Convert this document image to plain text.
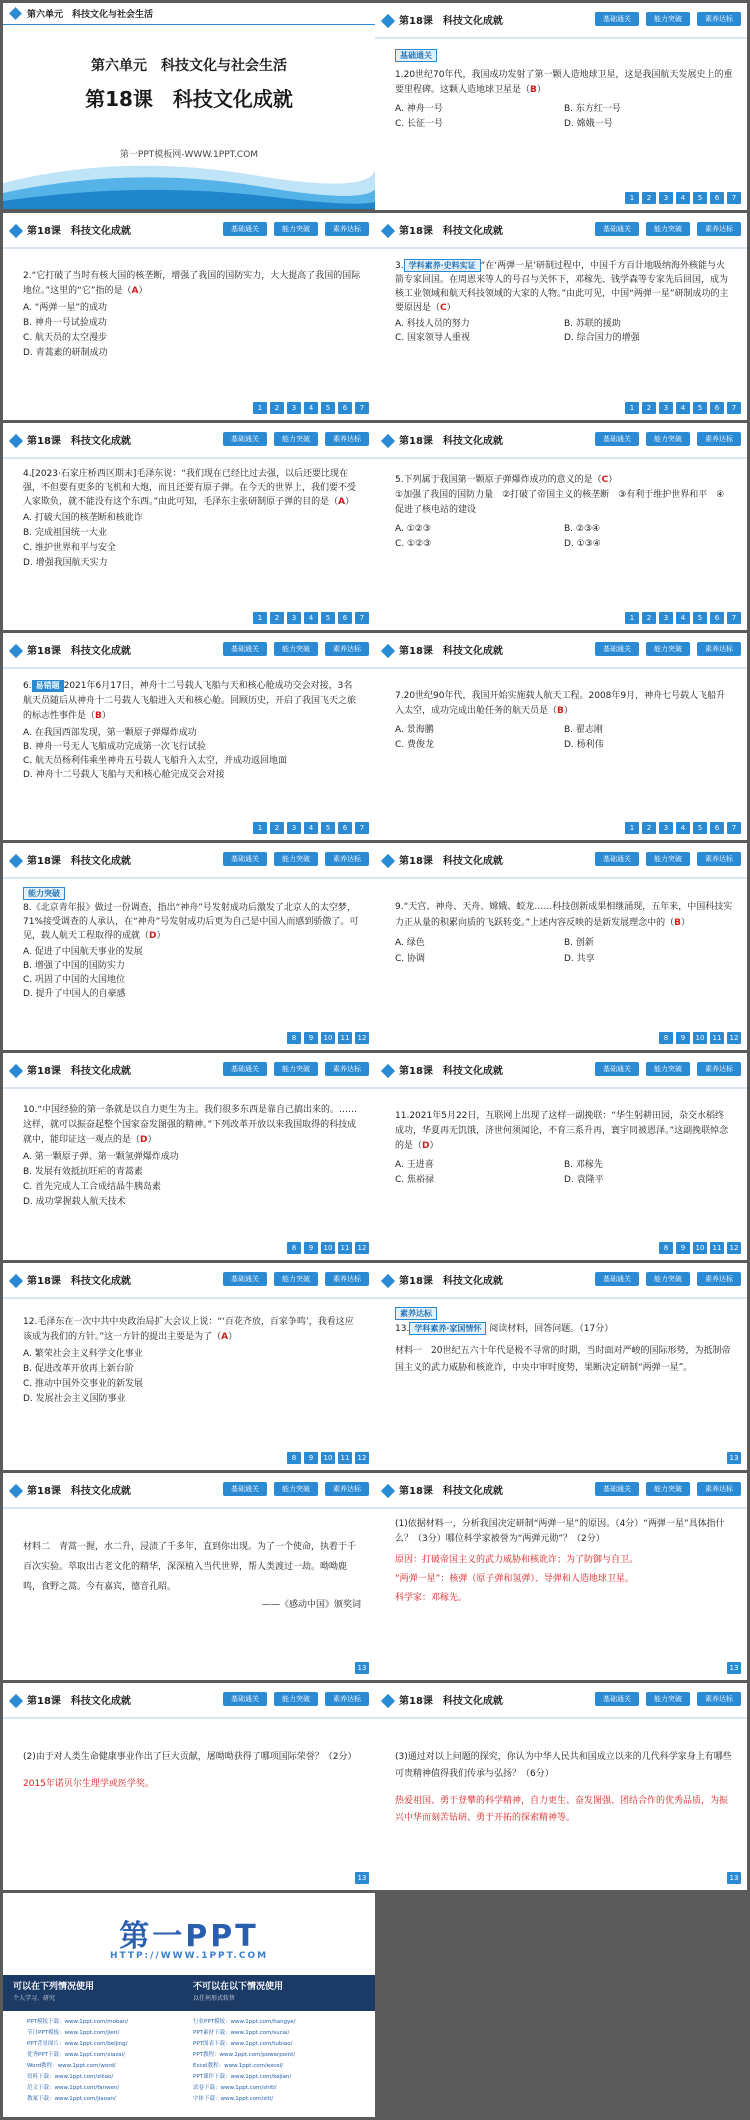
第六单元　科技文化与社会生活
第六单元　科技文化与社会生活
第18课　科技文化成就
第一PPT模板网-WWW.1PPT.COM
第18课　科技文化成就	基础通关	能力突破	素养达标
基础通关

1.20世纪70年代，我国成功发射了第一颗人造地球卫星，这是我国航天发展史上的重要里程碑。这颗人造地球卫星是（B）

A. 神舟一号	B. 东方红一号
C. 长征一号	D. 嫦娥一号
1	2	3	4	5	6	7
第18课　科技文化成就	基础通关	能力突破	素养达标

2.“它打破了当时有核大国的核垄断，增强了我国的国防实力，大大提高了我国的国际地位。”这里的“它”指的是（A）

A. “两弹一星”的成功
B. 神舟一号试验成功
C. 航天员的太空漫步
D. 青蒿素的研制成功
1	2	3	4	5	6	7
第18课　科技文化成就	基础通关	能力突破	素养达标

3. 学科素养·史料实证 “在‘两弹一星’研制过程中，中国千方百计地吸纳海外核能与火箭专家回国。在周恩来等人的号召与关怀下，邓稼先、钱学森等专家先后回国，成为核工业领域和航天科技领域的大家的人物。”由此可见，中国“两弹一星”研制成功的主要原因是（C）

A. 科技人员的努力	B. 苏联的援助
C. 国家领导人重视	D. 综合国力的增强
1	2	3	4	5	6	7
第18课　科技文化成就	基础通关	能力突破	素养达标

4.[2023·石家庄桥西区期末]毛泽东说：“我们现在已经比过去强，以后还要比现在强，不但要有更多的飞机和大炮，而且还要有原子弹。在今天的世界上，我们要不受人家欺负，就不能没有这个东西。”由此可知，毛泽东主张研制原子弹的目的是（A）

A. 打破大国的核垄断和核讹诈
B. 完成祖国统一大业
C. 维护世界和平与安全
D. 增强我国航天实力
1	2	3	4	5	6	7
第18课　科技文化成就	基础通关	能力突破	素养达标

5.下列属于我国第一颗原子弹爆炸成功的意义的是（C）

①加强了我国的国防力量　②打破了帝国主义的核垄断　③有利于维护世界和平　④促进了核电站的建设

A. ①②③	B. ②③④
C. ①②③	D. ①③④
1	2	3	4	5	6	7
第18课　科技文化成就	基础通关	能力突破	素养达标

6. 易错题 2021年6月17日，神舟十二号载人飞船与天和核心舱成功交会对接，3名航天员随后从神舟十二号载人飞船进入天和核心舱。回顾历史，开启了我国飞天之旅的标志性事件是（B）

A. 在我国西部发现，第一颗原子弹爆炸成功
B. 神舟一号无人飞船成功完成第一次飞行试验
C. 航天员杨利伟乘坐神舟五号载人飞船升入太空，并成功返回地面
D. 神舟十二号载人飞船与天和核心舱完成交会对接
1	2	3	4	5	6	7
第18课　科技文化成就	基础通关	能力突破	素养达标

7.20世纪90年代，我国开始实施载人航天工程。2008年9月，神舟七号载人飞船升入太空，成功完成出舱任务的航天员是（B）

A. 景海鹏	B. 翟志刚
C. 费俊龙	D. 杨利伟
1	2	3	4	5	6	7
第18课　科技文化成就	基础通关	能力突破	素养达标
能力突破

8.《北京青年报》做过一份调查，指出“神舟”号发射成功后激发了北京人的太空梦，71%接受调查的人承认，在“神舟”号发射成功后更为自己是中国人而感到骄傲了。可见，载人航天工程取得的成就（D）

A. 促进了中国航天事业的发展
B. 增强了中国的国防实力
C. 巩固了中国的大国地位
D. 提升了中国人的自豪感
8	9	10	11	12
第18课　科技文化成就	基础通关	能力突破	素养达标

9.“天宫、神舟、天舟、嫦娥、蛟龙……科技创新成果相继涌现，五年来，中国科技实力正从量的积累向质的飞跃转变。”上述内容反映的是新发展理念中的（B）

A. 绿色	B. 创新
C. 协调	D. 共享
8	9	10	11	12
第18课　科技文化成就	基础通关	能力突破	素养达标

10.“中国经验的第一条就是以自力更生为主。我们很多东西是靠自己搞出来的。……这样，就可以振奋起整个国家奋发图强的精神。”下列改革开放以来我国取得的科技成就中，能印证这一观点的是（D）

A. 第一颗原子弹、第一颗氢弹爆炸成功
B. 发展有效抵抗旺疟的青蒿素
C. 首先完成人工合成结晶牛胰岛素
D. 成功掌握载人航天技术
8	9	10	11	12
第18课　科技文化成就	基础通关	能力突破	素养达标

11.2021年5月22日，互联网上出现了这样一副挽联：“华生躬耕田园，杂交水稻终成功，华夏再无饥饿，济世何须闻论，不育三系升再，寰宇同被恩泽。”这副挽联悼念的是（D）

A. 王进喜	B. 邓稼先
C. 焦裕禄	D. 袁隆平
8	9	10	11	12
第18课　科技文化成就	基础通关	能力突破	素养达标

12.毛泽东在一次中共中央政治局扩大会议上说：“‘百花齐放，百家争鸣’，我看这应该成为我们的方针。”这一方针的提出主要是为了（A）

A. 繁荣社会主义科学文化事业
B. 促进改革开放再上新台阶
C. 推动中国外交事业的新发展
D. 发展社会主义国防事业
8	9	10	11	12
第18课　科技文化成就	基础通关	能力突破	素养达标
素养达标

13. 学科素养·家国情怀 阅读材料，回答问题。（17分）

材料一　20世纪五六十年代是极不寻常的时期，当时面对严峻的国际形势，为抵制帝国主义的武力威胁和核讹诈，中央中审时度势，果断决定研制“两弹一星”。

13
第18课　科技文化成就	基础通关	能力突破	素养达标

材料二　青蒿一握，水二升，浸渍了千多年，直到你出现。为了一个使命，执着于千百次实验。萃取出古老文化的精华，深深植入当代世界，帮人类渡过一劫。呦呦鹿鸣，食野之蒿。今有嘉宾，德音孔昭。

——《感动中国》颁奖词

13
第18课　科技文化成就	基础通关	能力突破	素养达标

(1)依据材料一，分析我国决定研制“两弹一星”的原因。（4分）“两弹一星”具体指什么？（3分）哪位科学家被誉为“两弹元勋”？（2分）

原因：打破帝国主义的武力威胁和核讹诈；为了防御与自卫。

“两弹一星”：核弹（原子弹和氢弹）、导弹和人造地球卫星。

科学家：邓稼先。

13
第18课　科技文化成就	基础通关	能力突破	素养达标

(2)由于对人类生命健康事业作出了巨大贡献，屠呦呦获得了哪项国际荣誉？（2分）

2015年诺贝尔生理学或医学奖。

13
第18课　科技文化成就	基础通关	能力突破	素养达标

(3)通过对以上问题的探究，你认为中华人民共和国成立以来的几代科学家身上有哪些可贵精神值得我们传承与弘扬？（6分）

热爱祖国、勇于登攀的科学精神，自力更生、奋发图强、团结合作的优秀品质，为振兴中华而刻苦钻研、勇于开拓的探索精神等。

13
第一PPT
HTTP://WWW.1PPT.COM
可以在下列情况使用
个人学习、研究
不可以在以下情况使用
以任何形式转售
PPT模板下载：www.1ppt.com/moban/
节日PPT模板：www.1ppt.com/jieri/
PPT背景图片：www.1ppt.com/beijing/
优秀PPT下载：www.1ppt.com/xiazai/
Word教程：www.1ppt.com/word/
资料下载：www.1ppt.com/ziliao/
范文下载：www.1ppt.com/fanwen/
教案下载：www.1ppt.com/jiaoan/
行业PPT模板：www.1ppt.com/hangye/
PPT素材下载：www.1ppt.com/sucai/
PPT图表下载：www.1ppt.com/tubiao/
PPT教程：www.1ppt.com/powerpoint/
Excel教程：www.1ppt.com/excel/
PPT课件下载：www.1ppt.com/kejian/
试卷下载：www.1ppt.com/shiti/
字体下载：www.1ppt.com/ziti/
